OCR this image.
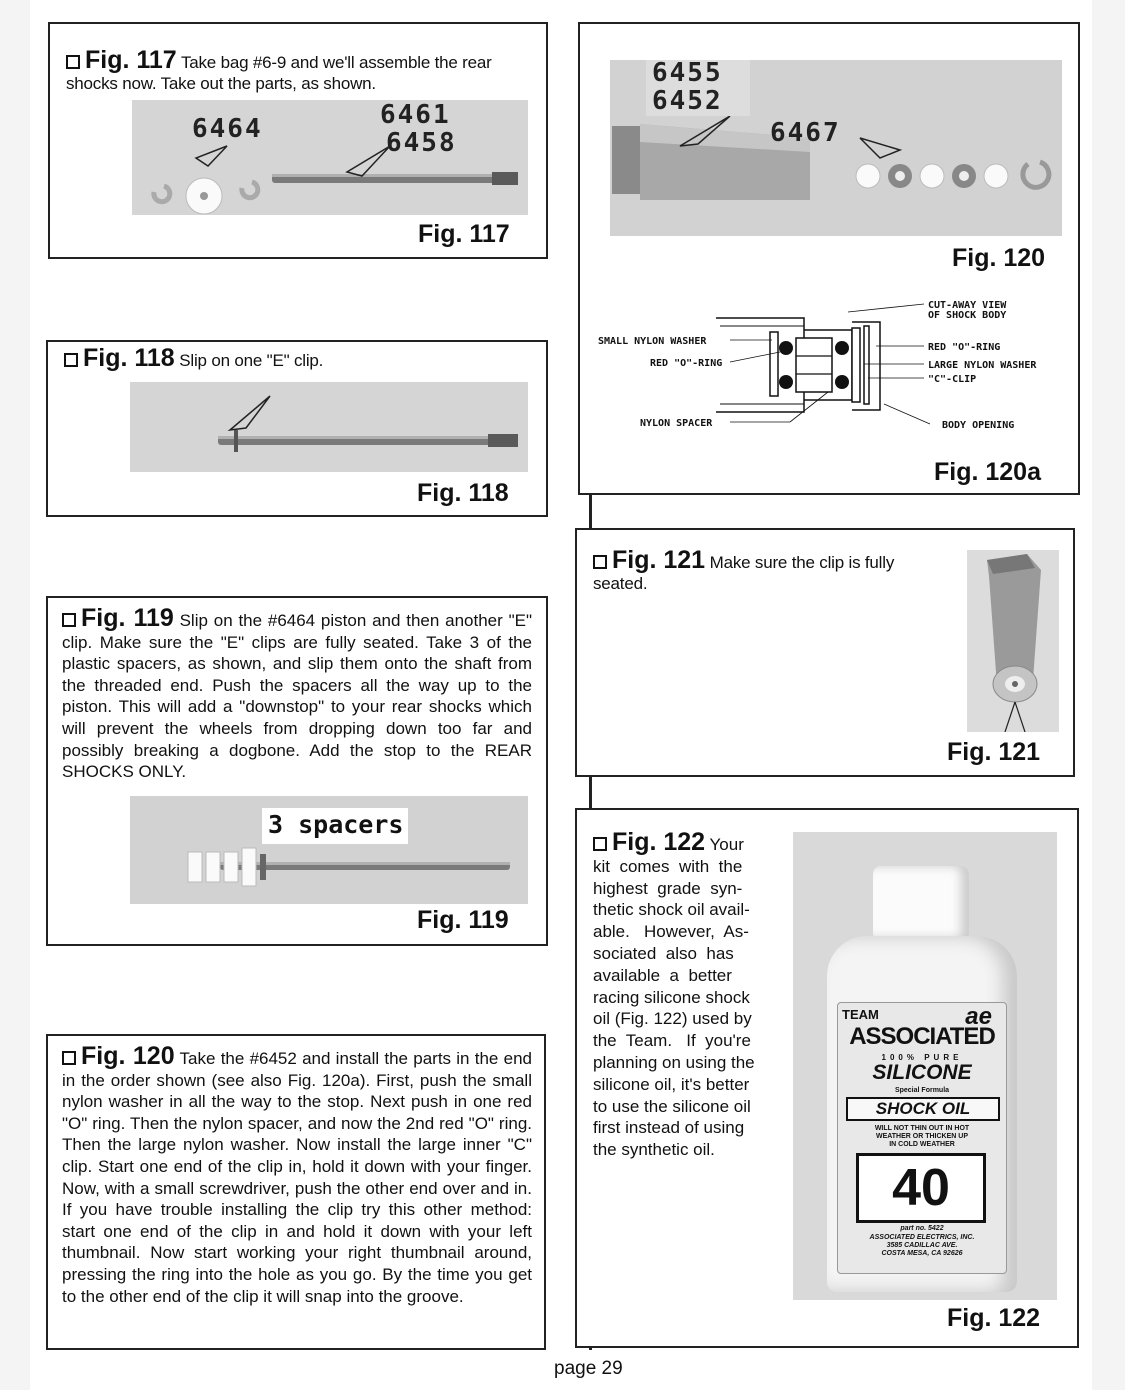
Fig. 117 Take bag #6-9 and we'll assemble the rear shocks now. Take out the parts, as shown.
6464	6461
6458
Fig. 117
Fig. 118 Slip on one "E" clip.
Fig. 118
Fig. 119 Slip on the #6464 piston and then another "E" clip. Make sure the "E" clips are fully seated. Take 3 of the plastic spacers, as shown, and slip them onto the shaft from the threaded end. Push the spacers all the way up to the piston. This will add a "downstop" to your rear shocks which will prevent the wheels from dropping down too far and possibly breaking a dogbone. Add the stop to the REAR SHOCKS ONLY.
3 spacers
Fig. 119
Fig. 120 Take the #6452 and install the parts in the end in the order shown (see also Fig. 120a). First, push the small nylon washer in all the way to the stop. Next push in one red "O" ring. Then the nylon spacer, and now the 2nd red "O" ring. Then the large nylon washer. Now install the large inner "C" clip. Start one end of the clip in, hold it down with your finger. Now, with a small screwdriver, push the other end over and in. If you have trouble installing the clip try this other method: start one end of the clip in and hold it down with your left thumbnail. Now start working your right thumbnail around, pressing the ring into the hole as you go. By the time you get to the other end of the clip it will snap into the groove.
6455
6452
6467
Fig. 120
CUT-AWAY VIEW
OF SHOCK BODY
SMALL NYLON WASHER
RED "O"-RING
NYLON SPACER
RED "O"-RING
LARGE NYLON WASHER
"C"-CLIP
BODY OPENING
Fig. 120a
Fig. 121 Make sure the clip is fully seated.
Fig. 121
Fig. 122 Your
kit  comes  with  the
highest  grade  syn-
thetic shock oil avail-
able.   However,  As-
sociated  also  has
available  a  better
racing silicone shock
oil (Fig. 122) used by
the  Team.   If  you're
planning on using the
silicone oil, it's better
to use the silicone oil
first instead of using
the synthetic oil.
TEAM	ae
ASSOCIATED
100% PURE
SILICONE
Special Formula
SHOCK OIL
WILL NOT THIN OUT IN HOT
WEATHER OR THICKEN UP
IN COLD WEATHER
40
part no. 5422
ASSOCIATED ELECTRICS, INC.
3585 CADILLAC AVE.
COSTA MESA, CA 92626
Fig. 122
page 29
